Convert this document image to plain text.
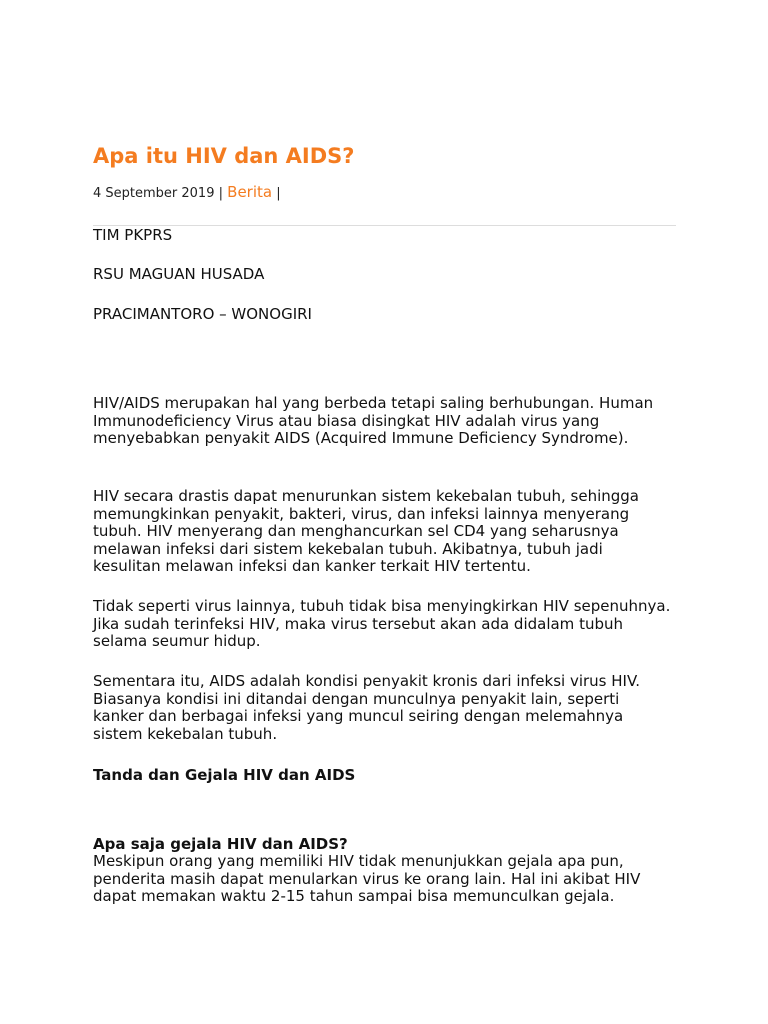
Apa itu HIV dan AIDS?
4 September 2019 | Berita |
TIM PKPRS
RSU MAGUAN HUSADA
PRACIMANTORO – WONOGIRI

HIV/AIDS merupakan hal yang berbeda tetapi saling berhubungan. Human Immunodeficiency Virus atau biasa disingkat HIV adalah virus yang menyebabkan penyakit AIDS (Acquired Immune Deficiency Syndrome).

HIV secara drastis dapat menurunkan sistem kekebalan tubuh, sehingga memungkinkan penyakit, bakteri, virus, dan infeksi lainnya menyerang tubuh. HIV menyerang dan menghancurkan sel CD4 yang seharusnya melawan infeksi dari sistem kekebalan tubuh. Akibatnya, tubuh jadi kesulitan melawan infeksi dan kanker terkait HIV tertentu.

Tidak seperti virus lainnya, tubuh tidak bisa menyingkirkan HIV sepenuhnya. Jika sudah terinfeksi HIV, maka virus tersebut akan ada didalam tubuh selama seumur hidup.

Sementara itu, AIDS adalah kondisi penyakit kronis dari infeksi virus HIV. Biasanya kondisi ini ditandai dengan munculnya penyakit lain, seperti kanker dan berbagai infeksi yang muncul seiring dengan melemahnya sistem kekebalan tubuh.

Tanda dan Gejala HIV dan AIDS
Apa saja gejala HIV dan AIDS?

Meskipun orang yang memiliki HIV tidak menunjukkan gejala apa pun, penderita masih dapat menularkan virus ke orang lain. Hal ini akibat HIV dapat memakan waktu 2-15 tahun sampai bisa memunculkan gejala.
